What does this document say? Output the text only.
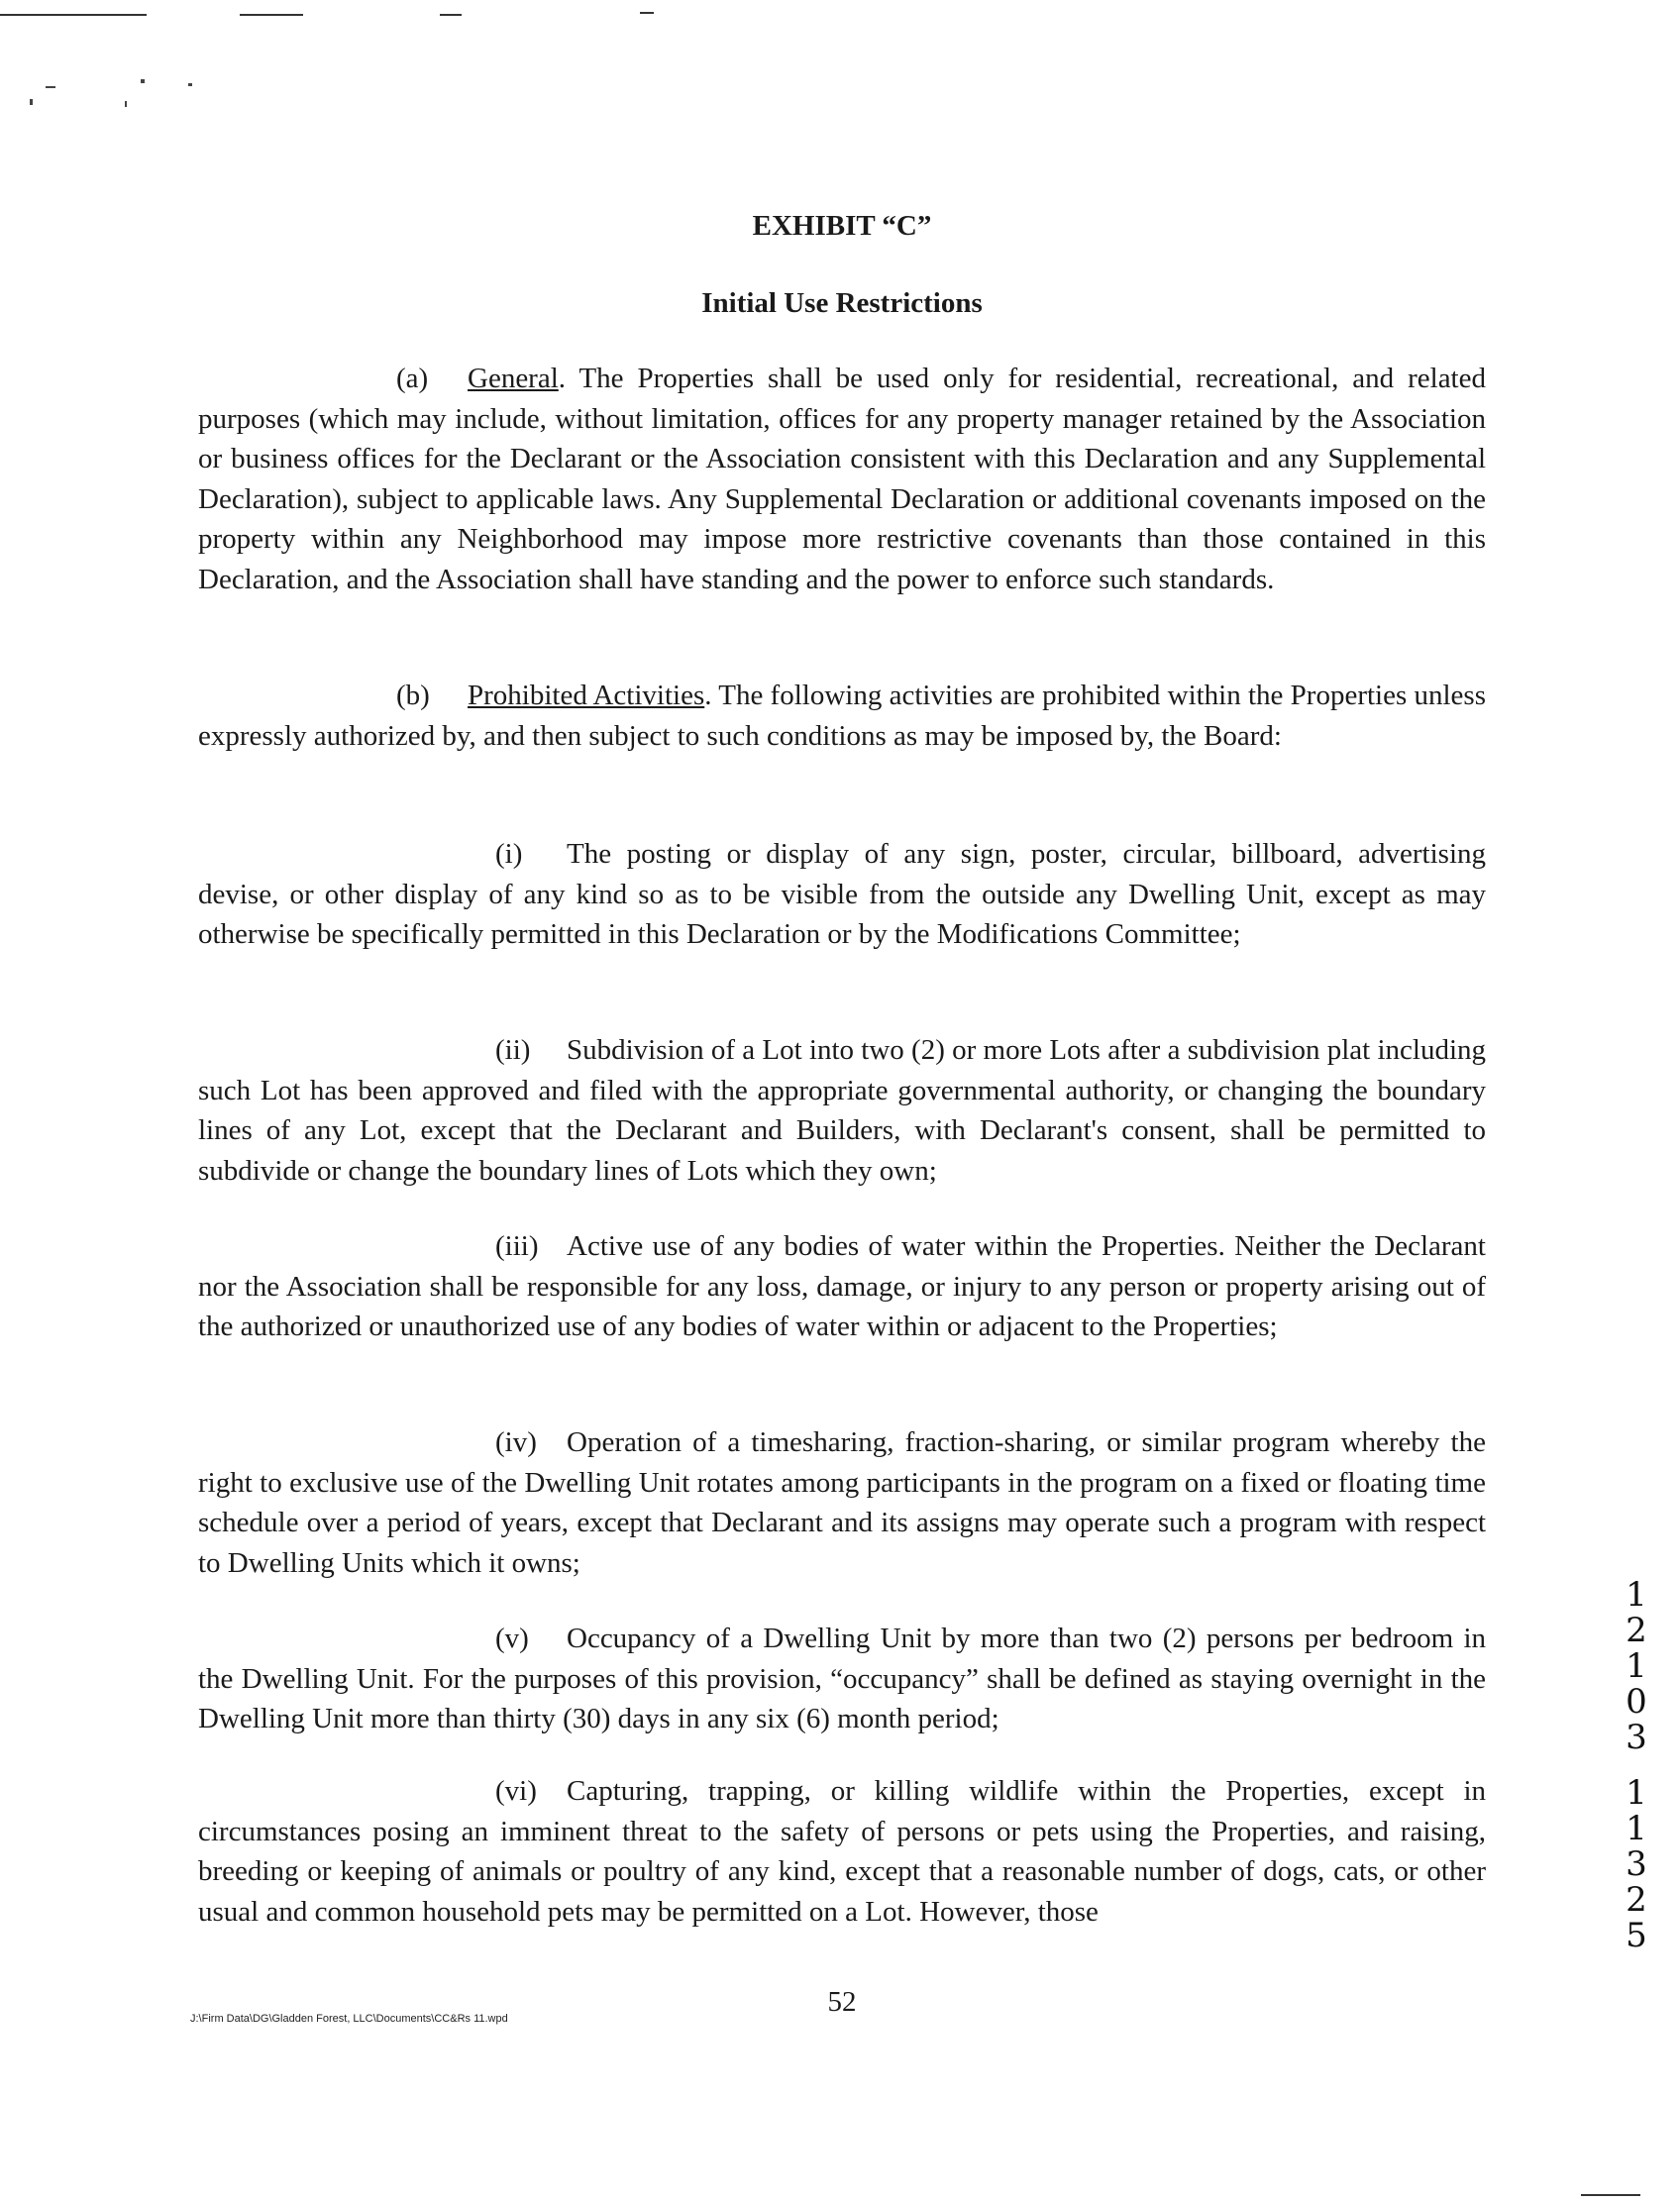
EXHIBIT “C”
Initial Use Restrictions
(a) General. The Properties shall be used only for residential, recreational, and related purposes (which may include, without limitation, offices for any property manager retained by the Association or business offices for the Declarant or the Association consistent with this Declaration and any Supplemental Declaration), subject to applicable laws. Any Supplemental Declaration or additional covenants imposed on the property within any Neighborhood may impose more restrictive covenants than those contained in this Declaration, and the Association shall have standing and the power to enforce such standards.
(b) Prohibited Activities. The following activities are prohibited within the Properties unless expressly authorized by, and then subject to such conditions as may be imposed by, the Board:
(i) The posting or display of any sign, poster, circular, billboard, advertising devise, or other display of any kind so as to be visible from the outside any Dwelling Unit, except as may otherwise be specifically permitted in this Declaration or by the Modifications Committee;
(ii) Subdivision of a Lot into two (2) or more Lots after a subdivision plat including such Lot has been approved and filed with the appropriate governmental authority, or changing the boundary lines of any Lot, except that the Declarant and Builders, with Declarant's consent, shall be permitted to subdivide or change the boundary lines of Lots which they own;
(iii) Active use of any bodies of water within the Properties. Neither the Declarant nor the Association shall be responsible for any loss, damage, or injury to any person or property arising out of the authorized or unauthorized use of any bodies of water within or adjacent to the Properties;
(iv) Operation of a timesharing, fraction-sharing, or similar program whereby the right to exclusive use of the Dwelling Unit rotates among participants in the program on a fixed or floating time schedule over a period of years, except that Declarant and its assigns may operate such a program with respect to Dwelling Units which it owns;
(v) Occupancy of a Dwelling Unit by more than two (2) persons per bedroom in the Dwelling Unit. For the purposes of this provision, “occupancy” shall be defined as staying overnight in the Dwelling Unit more than thirty (30) days in any six (6) month period;
(vi) Capturing, trapping, or killing wildlife within the Properties, except in circumstances posing an imminent threat to the safety of persons or pets using the Properties, and raising, breeding or keeping of animals or poultry of any kind, except that a reasonable number of dogs, cats, or other usual and common household pets may be permitted on a Lot. However, those
52
J:\Firm Data\DG\Gladden Forest, LLC\Documents\CC&Rs 11.wpd
1
2
1
0
3
1
1
3
2
5
